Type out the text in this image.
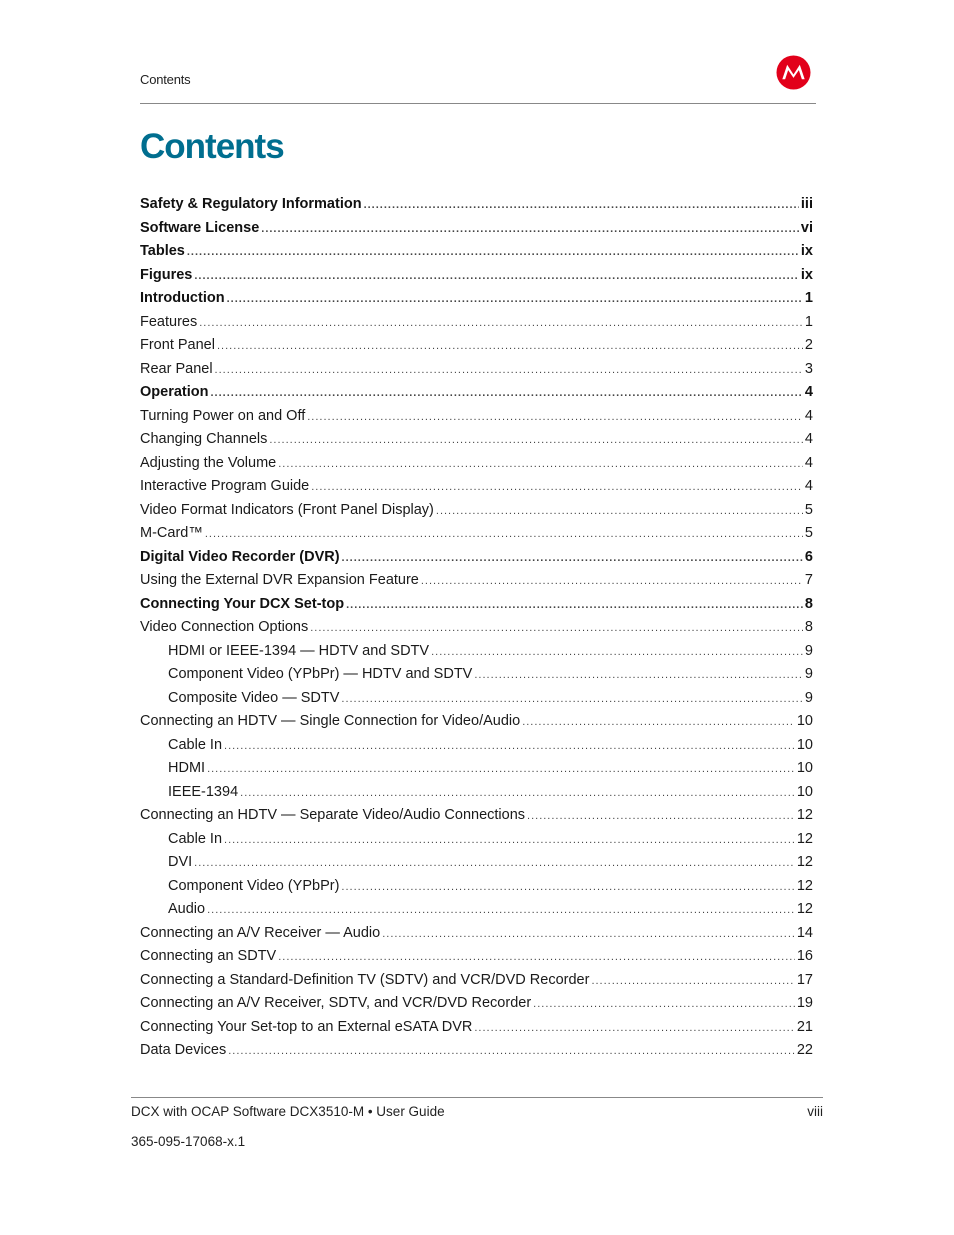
Contents
Contents
Safety & Regulatory Information .....	iii
Software License .....	vi
Tables .....	ix
Figures .....	ix
Introduction .....	1
Features .....	1
Front Panel .....	2
Rear Panel .....	3
Operation .....	4
Turning Power on and Off .....	4
Changing Channels .....	4
Adjusting the Volume .....	4
Interactive Program Guide .....	4
Video Format Indicators (Front Panel Display) .....	5
M-Card™ .....	5
Digital Video Recorder (DVR) .....	6
Using the External DVR Expansion Feature .....	7
Connecting Your DCX Set-top .....	8
Video Connection Options .....	8
HDMI or IEEE-1394 — HDTV and SDTV .....	9
Component Video (YPbPr) — HDTV and SDTV .....	9
Composite Video — SDTV .....	9
Connecting an HDTV — Single Connection for Video/Audio .....	10
Cable In .....	10
HDMI .....	10
IEEE-1394 .....	10
Connecting an HDTV — Separate Video/Audio Connections .....	12
Cable In .....	12
DVI .....	12
Component Video (YPbPr) .....	12
Audio .....	12
Connecting an A/V Receiver — Audio .....	14
Connecting an SDTV .....	16
Connecting a Standard-Definition TV (SDTV) and VCR/DVD Recorder .....	17
Connecting an A/V Receiver, SDTV, and VCR/DVD Recorder .....	19
Connecting Your Set-top to an External eSATA DVR .....	21
Data Devices .....	22
DCX with OCAP Software DCX3510-M • User Guide	viii
365-095-17068-x.1
